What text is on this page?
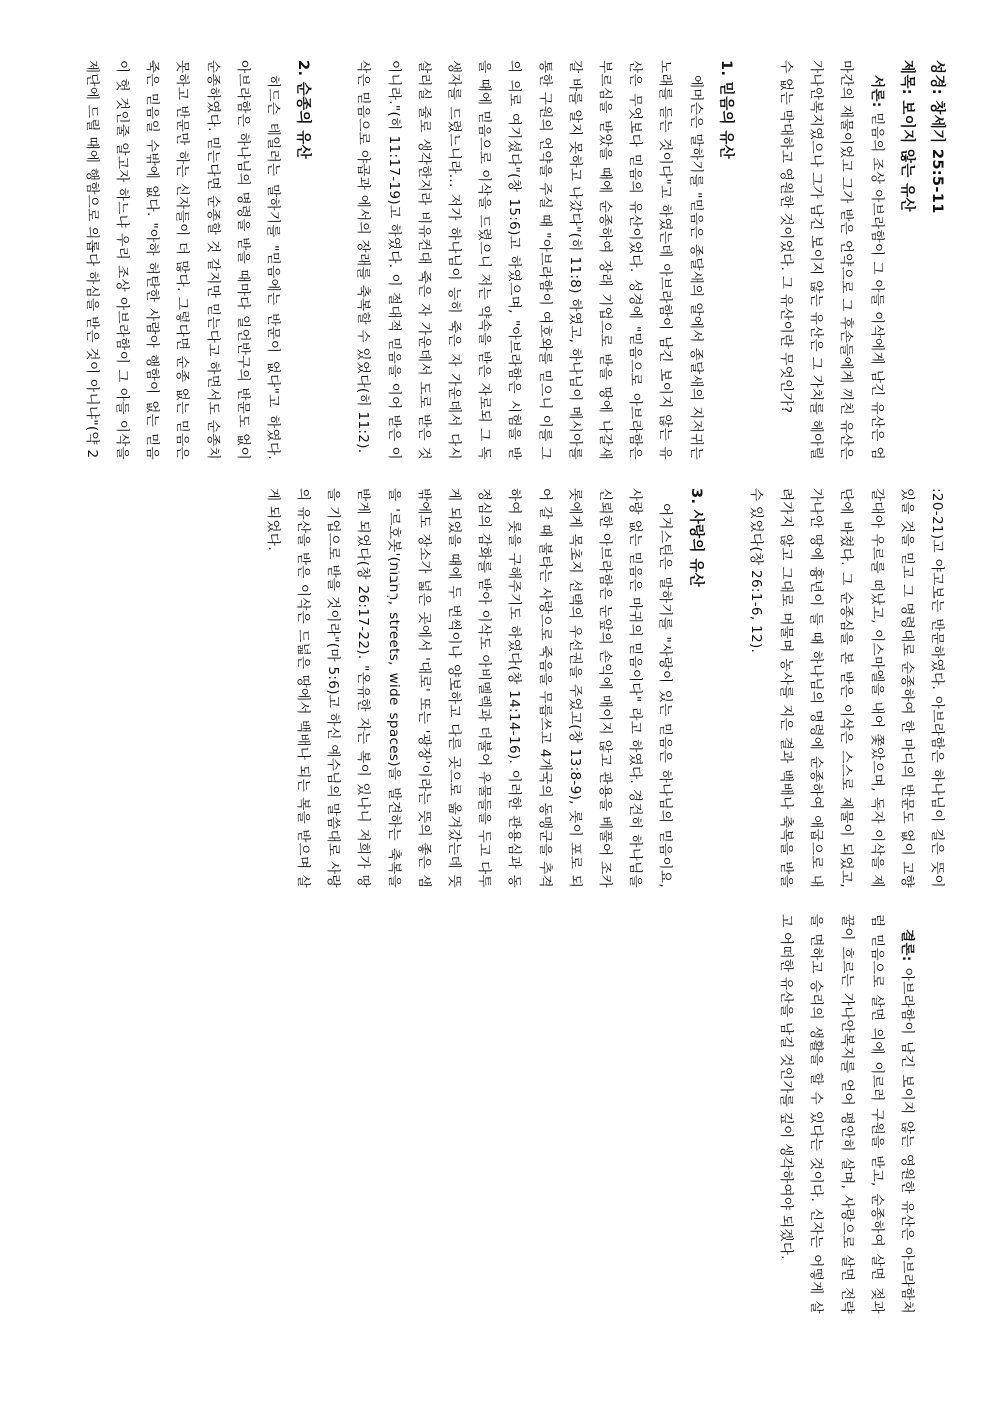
성경: 창세기 25:5-11

제목: 보이지 않는 유산

서론: 믿음의 조상 아브라함이 그 아들 이삭에게 남긴 유산은 엄마간의 재물이었고 그가 받은 언약으로 그 후손들에게 끼친 유산은 가나안복지였으나 그가 남긴 보이지 않는 유산은 그 가치를 헤아릴 수 없는 막대하고 영원한 것이었다. 그 유산이란 무엇인가?

1. 믿음의 유산

에머슨은 말하기를 "믿음은 종달새의 알에서 종달새의 지저귀는 노래를 듣는 것이다"고 하였는데 아브라함이 남긴 보이지 않는 유산은 무엇보다 믿음의 유산이었다. 성경에 "믿음으로 아브라함은 부르심을 받았을 때에 순종하여 장래 기업으로 받을 땅에 나갈새 갈 바를 알지 못하고 나갔다"(히 11:8) 하였고, 하나님이 메시아를 통한 구원의 언약을 주실 때 "아브라함이 여호와를 믿으니 이를 그의 의로 여기셨다"(창 15:6)고 하였으며, "아브라함은 시험을 받을 때에 믿음으로 이삭을 드렸으니 저는 약속을 받은 자로되 그 독생자를 드렸느니라... 저가 하나님이 능히 죽은 자 가운데서 다시 살리실 줄로 생각한지라 비유컨대 죽은 자 가운데서 도로 받은 것이니라."(히 11:17-19)고 하였다. 이 절대적 믿음을 이어 받은 이삭은 믿음으로 야곱과 에서의 장래를 축복할 수 있었다(히 11:2).

2. 순종의 유산

히드슨 테일러는 말하기를 "믿음에는 반문이 없다"고 하였다. 아브라함은 하나님의 명령을 받을 때마다 일언반구의 반문도 없이 순종하였다. 믿는다면 순종할 것 같지만 믿는다고 하면서도 순종치 못하고 반문만 하는 신자들이 더 많다. 그렇다면 순종 없는 믿음은 죽은 믿음일 수밖에 없다. "아하 허탄한 사람아 행함이 없는 믿음이 헛 것인줄 알고자 하느냐 우리 조상 아브라함이 그 아들 이삭을 제단에 드릴 때에 행함으로 의롭다 하심을 받은 것이 아니냐"(약 2

:20-21)고 야고보는 반문하였다. 아브라함은 하나님이 길은 뜻이 있을 것을 믿고 그 명령대로 순종하여 한 마디의 반문도 없이 고향 갈대아 우르를 떠났고, 이스마엘을 내어 쫓았으며, 독자 이삭을 제단에 바쳤다. 그 순종심을 본 받은 이삭은 스스로 제물이 되었고, 가나안 땅에 흉년이 들 때 하나님의 명령에 순종하여 애굽으로 내려가지 않고 그대로 머물며 농사를 지은 결과 백배나 축복을 받을 수 있었다(창 26:1-6, 12).

3. 사랑의 유산

어거스틴은 말하기를 "사랑이 있는 믿음은 하나님의 믿음이요, 사랑 없는 믿음은 마귀의 믿음이다" 라고 하였다. 경건히 하나님을 신뢰한 아브라함은 눈앞의 손익에 매이지 않고 관용을 베풀어 조카 롯에게 목초지 선택의 우선권을 주었고(창 13:8-9), 롯이 포로 되어 갈 때 불타는 사랑으로 죽음을 무릅쓰고 4개국의 동맹군을 추격하여 롯을 구해주기도 하였다(창 14:14-16). 이러한 관용심과 동정심의 감화를 받아 이삭도 아비멜렉과 더불어 우물들을 두고 다투게 되었을 때에 두 번씩이나 양보하고 다른 곳으로 옮겨갔는데 뜻밖에도 장소가 넓은 곳에서 '대로' 또는 '광장'이라는 뜻의 좋은 샘을 '르호봇'(רְחֹבוֹת, streets, wide spaces)을 발견하는 축복을 받게 되었다(창 26:17-22). "온유한 자는 복이 있나니 저희가 땅을 기업으로 받을 것이라"(마 5:6)고 하신 예수님의 말씀대로 사랑의 유산을 받은 이삭은 드넓은 땅에서 백배나 되는 복을 받으며 살게 되었다.

결론: 아브라함이 남긴 보이지 않는 영원한 유산은 아브라함처럼 믿음으로 살면 의에 이르러 구원을 받고, 순종하여 살면 젖과 꿀이 흐르는 가나안복지를 얻어 평안히 살며, 사랑으로 살면 전략을 면하고 승리의 생활을 할 수 있다는 것이다. 신자는 어떻게 살고 어떠한 유산을 남길 것인가를 깊이 생각하여야 되겠다.
